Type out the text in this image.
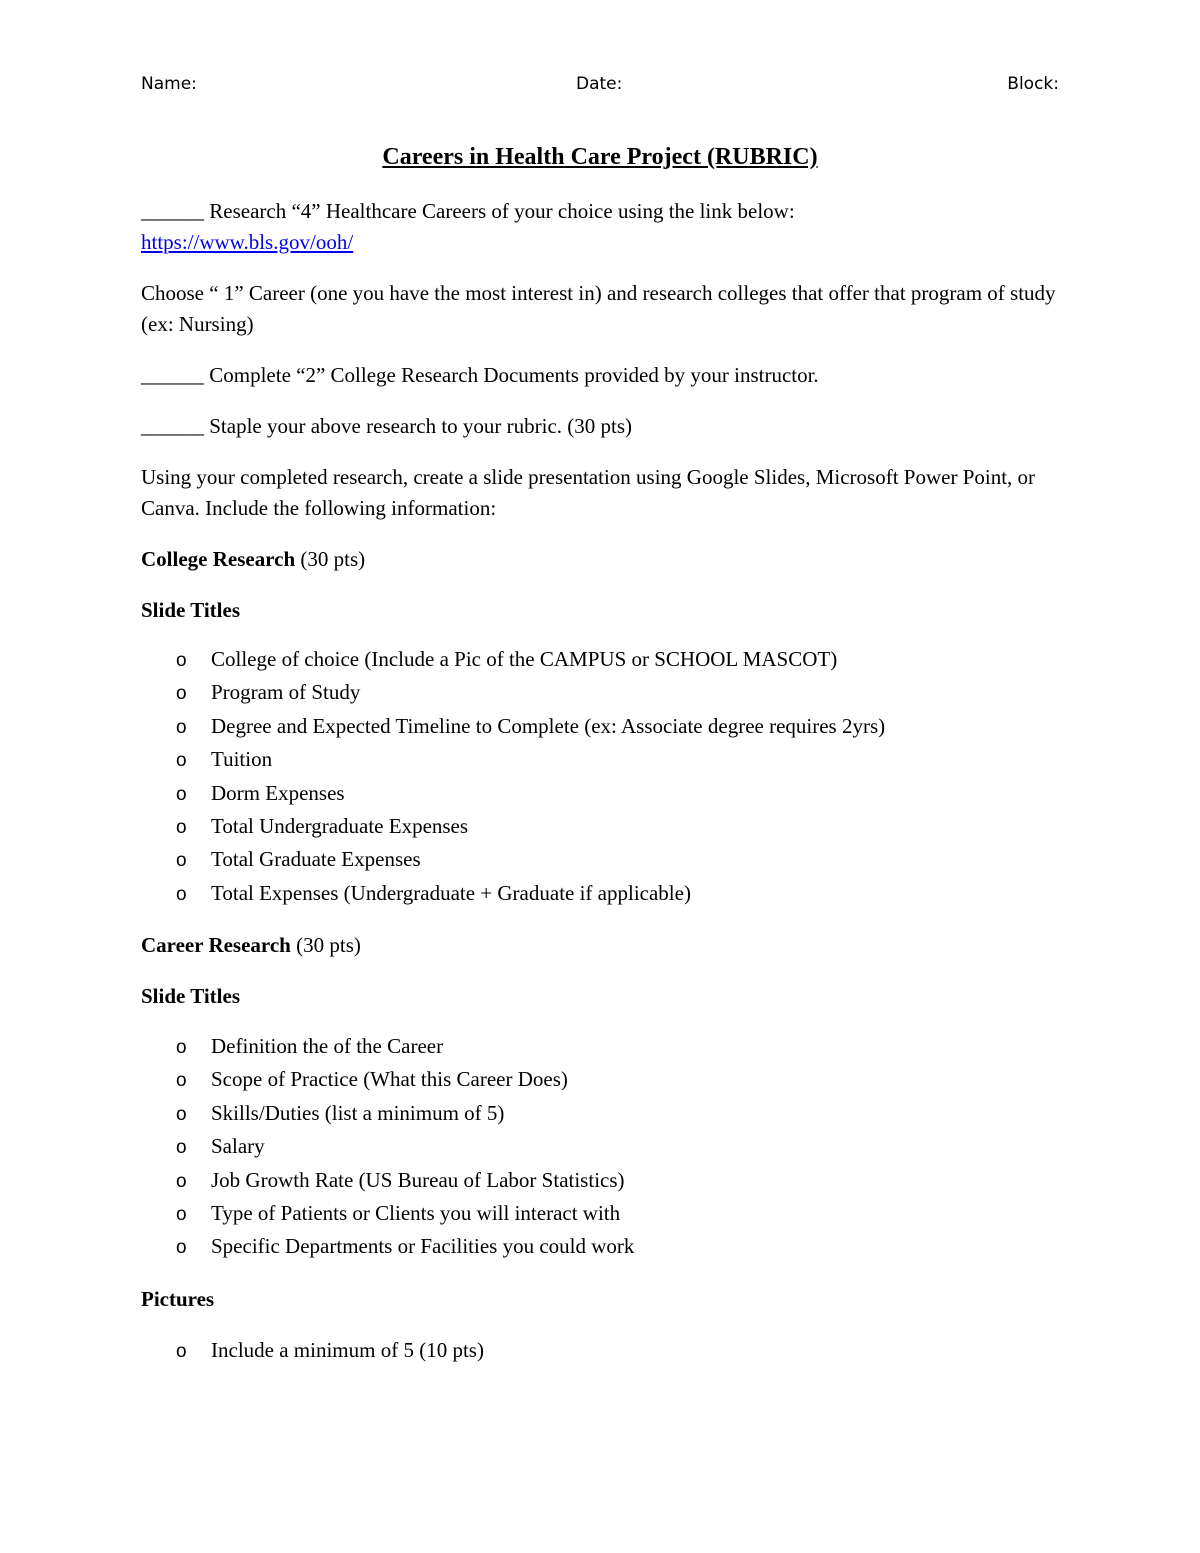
Name:	Date:	Block:
Careers in Health Care Project (RUBRIC)
______ Research “4” Healthcare Careers of your choice using the link below:
https://www.bls.gov/ooh/
Choose “ 1” Career (one you have the most interest in) and research colleges that offer that program of study (ex: Nursing)
______ Complete “2” College Research Documents provided by your instructor.
______ Staple your above research to your rubric. (30 pts)
Using your completed research, create a slide presentation using Google Slides, Microsoft Power Point, or Canva. Include the following information:
College Research (30 pts)
Slide Titles
o College of choice (Include a Pic of the CAMPUS or SCHOOL MASCOT)
o Program of Study
o Degree and Expected Timeline to Complete (ex: Associate degree requires 2yrs)
o Tuition
o Dorm Expenses
o Total Undergraduate Expenses
o Total Graduate Expenses
o Total Expenses (Undergraduate + Graduate if applicable)
Career Research (30 pts)
Slide Titles
o Definition the of the Career
o Scope of Practice (What this Career Does)
o Skills/Duties (list a minimum of 5)
o Salary
o Job Growth Rate (US Bureau of Labor Statistics)
o Type of Patients or Clients you will interact with
o Specific Departments or Facilities you could work
Pictures
o Include a minimum of 5 (10 pts)
